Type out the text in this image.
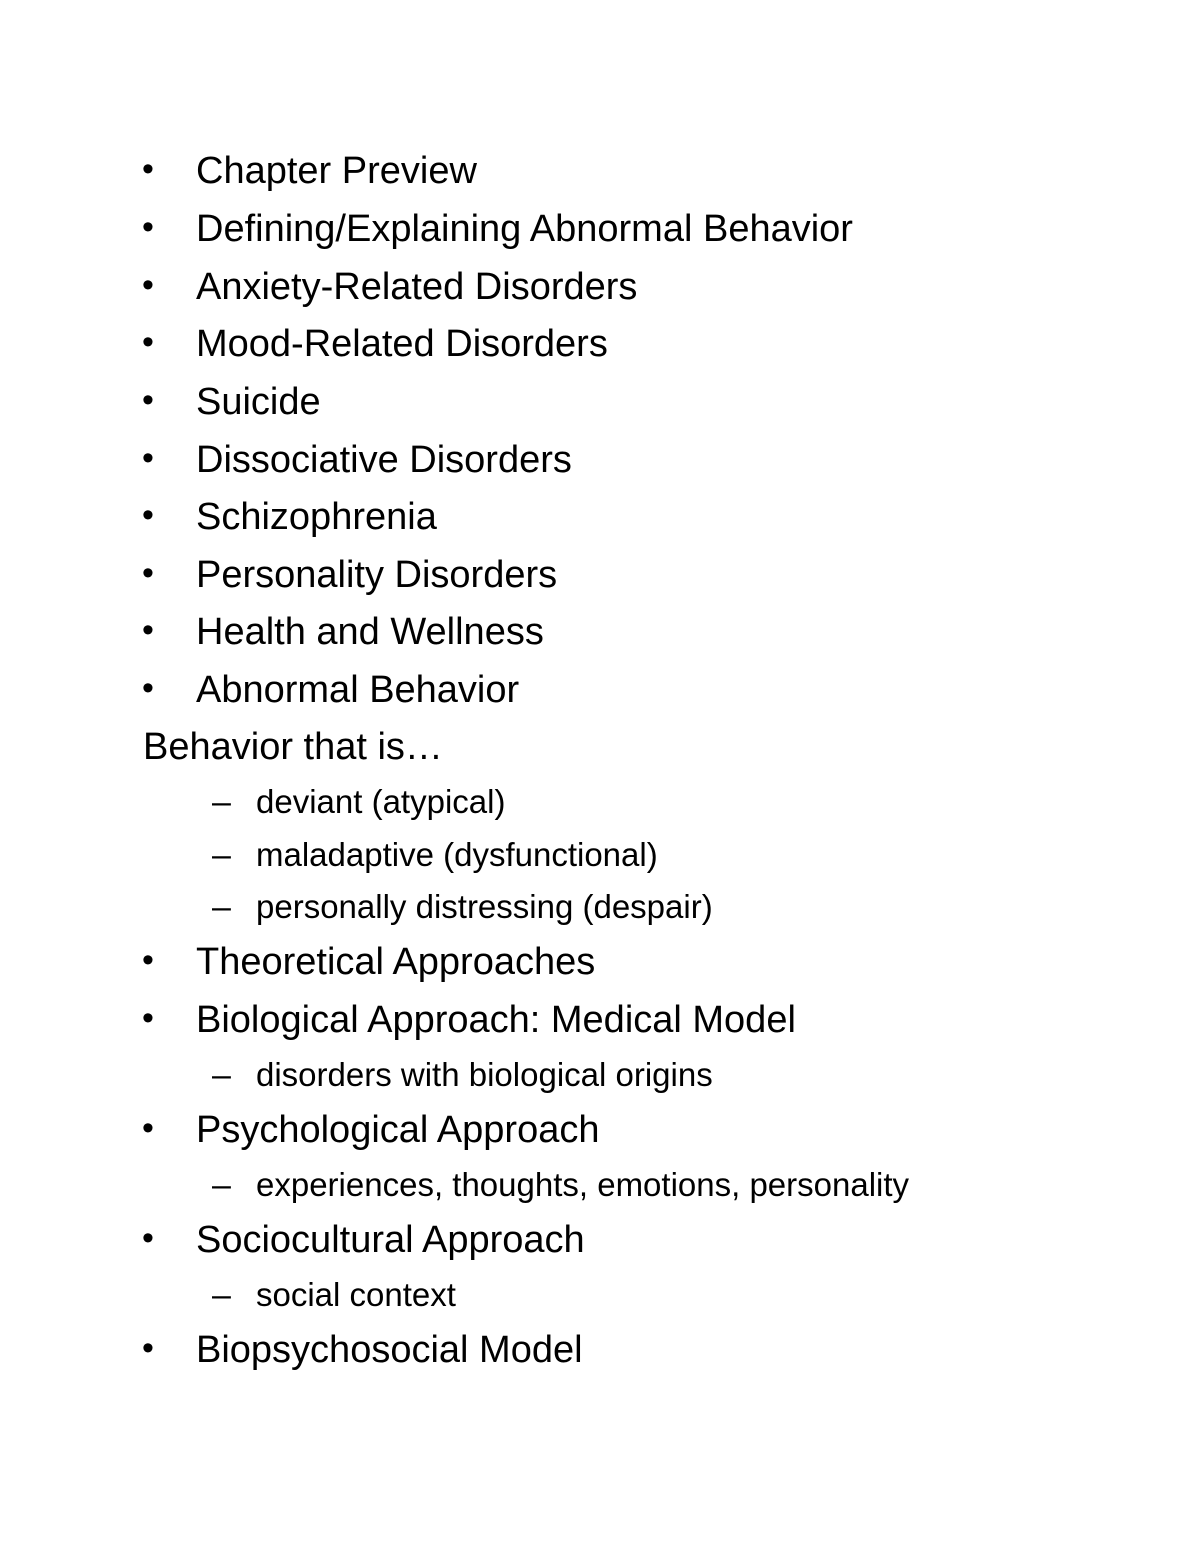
• Chapter Preview
• Defining/Explaining Abnormal Behavior
• Anxiety-Related Disorders
• Mood-Related Disorders
• Suicide
• Dissociative Disorders
• Schizophrenia
• Personality Disorders
• Health and Wellness
• Abnormal Behavior
Behavior that is…
– deviant (atypical)
– maladaptive (dysfunctional)
– personally distressing (despair)
• Theoretical Approaches
• Biological Approach: Medical Model
– disorders with biological origins
• Psychological Approach
– experiences, thoughts, emotions, personality
• Sociocultural Approach
– social context
• Biopsychosocial Model
